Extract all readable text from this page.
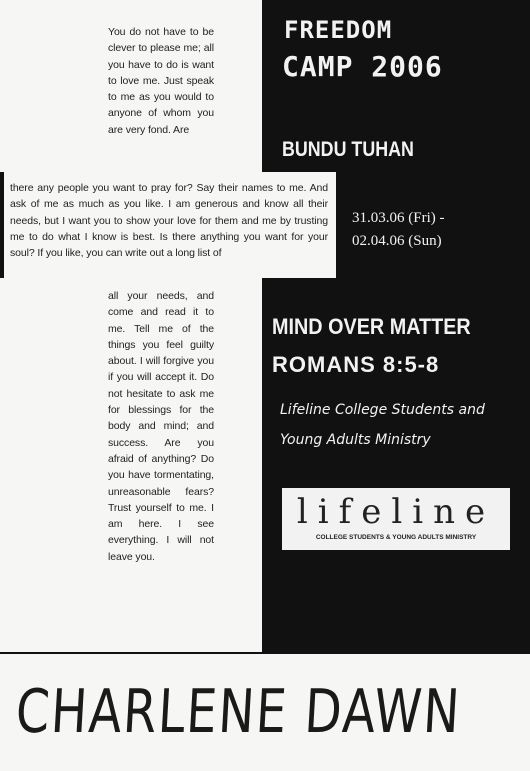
You do not have to be clever to please me; all you have to do is want to love me. Just speak to me as you would to anyone of whom you are very fond. Are
there any people you want to pray for? Say their names to me. And ask of me as much as you like. I am generous and know all their needs, but I want you to show your love for them and me by trusting me to do what I know is best. Is there anything you want for your soul? If you like, you can write out a long list of
all your needs, and come and read it to me. Tell me of the things you feel guilty about. I will forgive you if you will accept it. Do not hesitate to ask me for blessings for the body and mind; and success. Are you afraid of anything? Do you have tormentating, unreasonable fears? Trust yourself to me. I am here. I see everything. I will not leave you.
FREEDOM
CAMP 2006
BUNDU TUHAN
31.03.06 (Fri) -
02.04.06 (Sun)
MIND OVER MATTER
ROMANS 8:5-8
Lifeline College Students and
Young Adults Ministry
lifeline
COLLEGE STUDENTS & YOUNG ADULTS MINISTRY
CHARLENE DAWN
